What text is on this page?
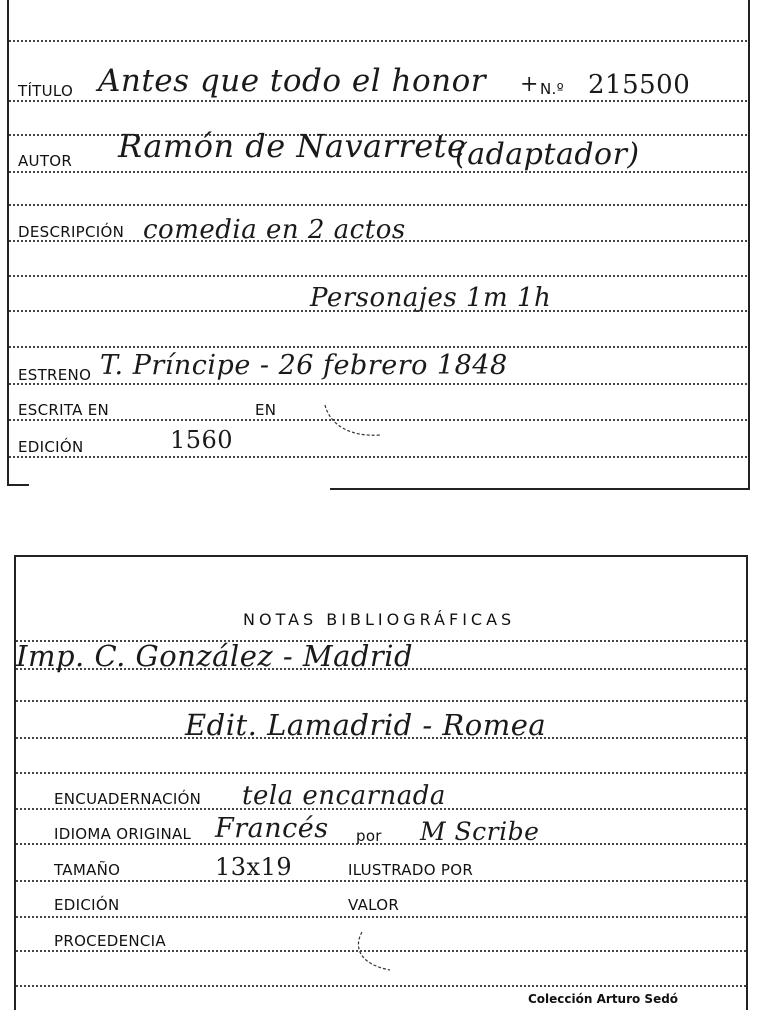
TÍTULO Antes que todo el honor	N.º 215500
+
AUTOR Ramón de Navarrete
(adaptador)
DESCRIPCIÓN comedia en 2 actos
Personajes 1m 1h
ESTRENO T. Príncipe - 26 febrero 1848
ESCRITA EN	EN
EDICIÓN	1560
NOTAS BIBLIOGRÁFICAS
Imp. C. González - Madrid
Edit. Lamadrid - Romea
ENCUADERNACIÓN tela encarnada
IDIOMA ORIGINAL Francés por M Scribe
TAMAÑO	13x19	ILUSTRADO POR
EDICIÓN	VALOR
PROCEDENCIA
Colección Arturo Sedó
